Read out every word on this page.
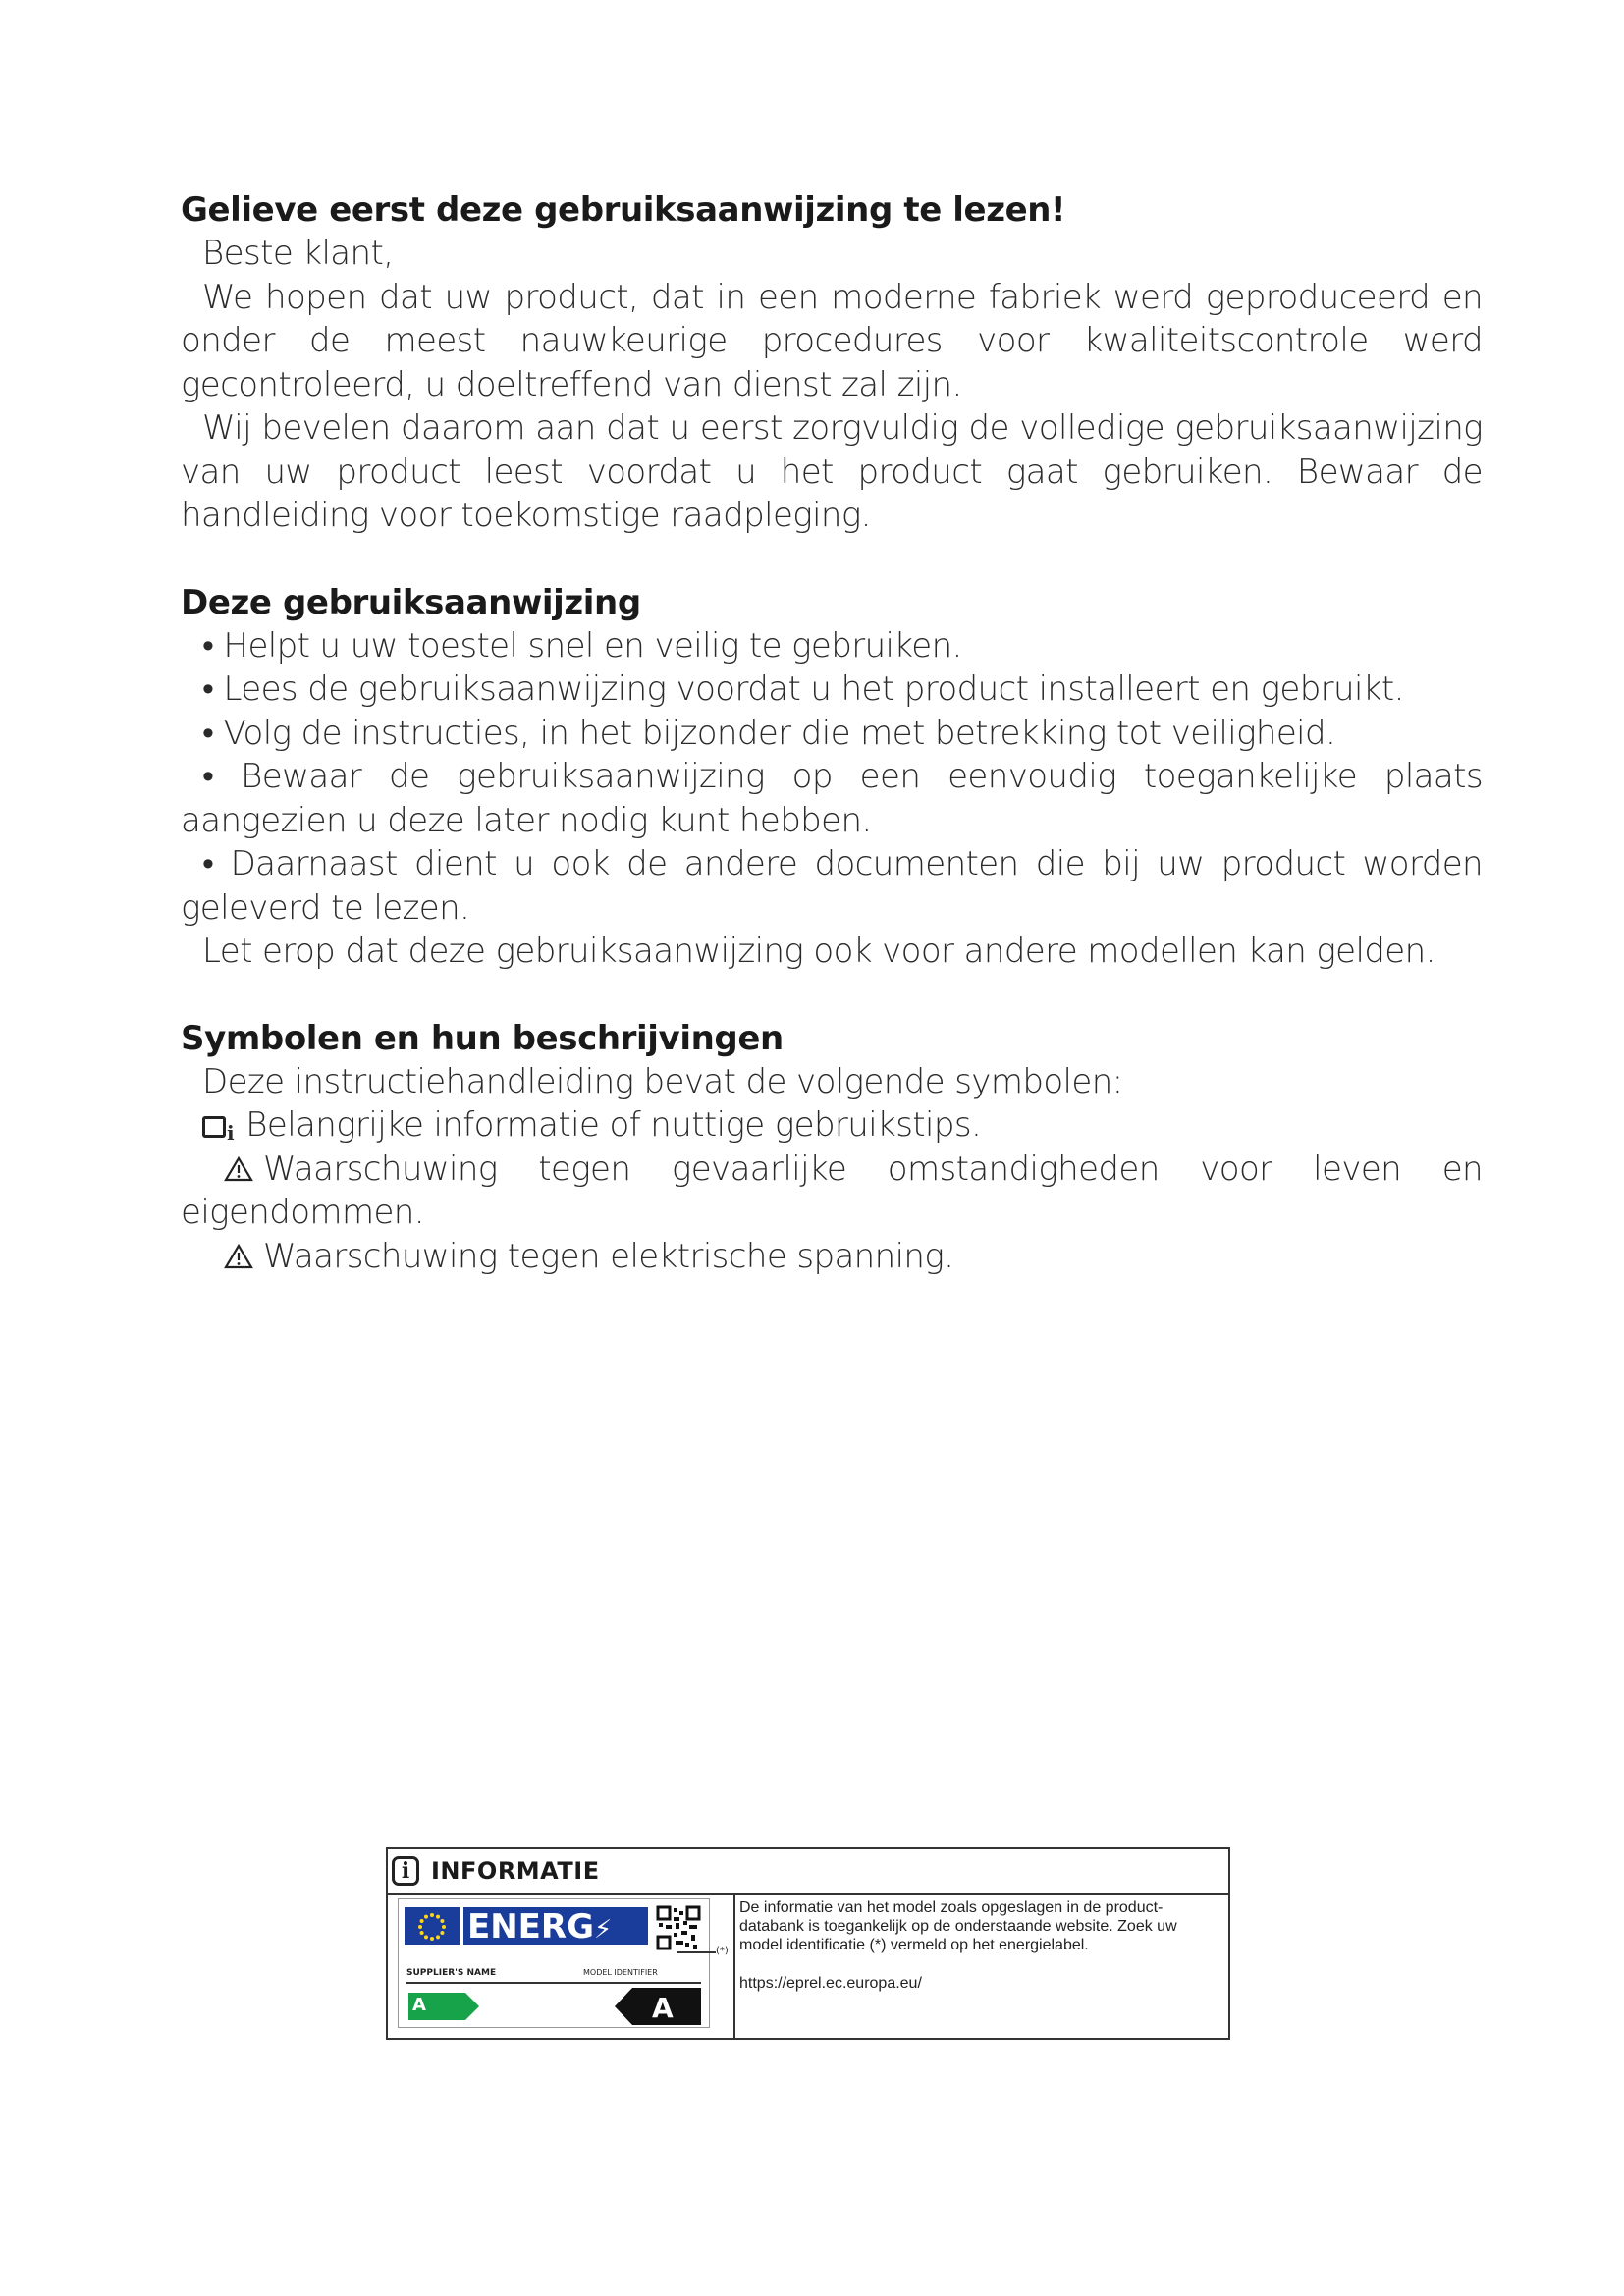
Gelieve eerst deze gebruiksaanwijzing te lezen!

Beste klant,

We hopen dat uw product, dat in een moderne fabriek werd geproduceerd en onder de meest nauwkeurige procedures voor kwaliteitscontrole werd gecontroleerd, u doeltreffend van dienst zal zijn.

Wij bevelen daarom aan dat u eerst zorgvuldig de volledige gebruiksaanwijzing van uw product leest voordat u het product gaat gebruiken. Bewaar de handleiding voor toekomstige raadpleging.

Deze gebruiksaanwijzing

• Helpt u uw toestel snel en veilig te gebruiken.

• Lees de gebruiksaanwijzing voordat u het product installeert en gebruikt.

• Volg de instructies, in het bijzonder die met betrekking tot veiligheid.

• Bewaar de gebruiksaanwijzing op een eenvoudig toegankelijke plaats aangezien u deze later nodig kunt hebben.

• Daarnaast dient u ook de andere documenten die bij uw product worden geleverd te lezen.

Let erop dat deze gebruiksaanwijzing ook voor andere modellen kan gelden.

Symbolen en hun beschrijvingen

Deze instructiehandleiding bevat de volgende symbolen:

i Belangrijke informatie of nuttige gebruikstips.

Waarschuwing tegen gevaarlijke omstandigheden voor leven en eigendommen.

Waarschuwing tegen elektrische spanning.

i INFORMATIE
ENERG⚡
SUPPLIER'S NAME	MODEL IDENTIFIER
A	A
(*)
De informatie van het model zoals opgeslagen in de product-databank is toegankelijk op de onderstaande website. Zoek uw model identificatie (*) vermeld op het energielabel.
https://eprel.ec.europa.eu/
